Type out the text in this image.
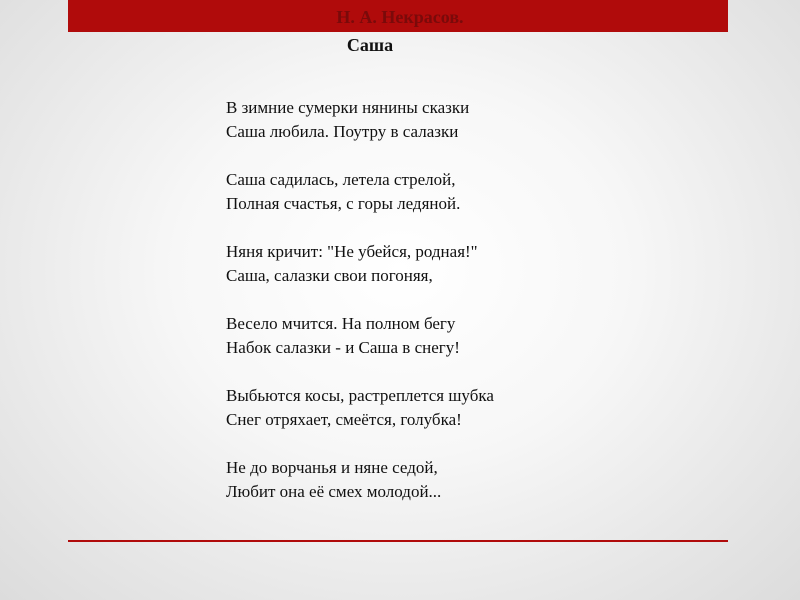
Н. А. Некрасов.
Саша
В зимние сумерки нянины сказки
Саша любила. Поутру в салазки
Саша садилась, летела стрелой,
Полная счастья, с горы ледяной.
Няня кричит: "Не убейся, родная!"
Саша, салазки свои погоняя,
Весело мчится. На полном бегу
Набок салазки - и Саша в снегу!
Выбьются косы, растреплется шубка
Снег отряхает, смеётся, голубка!
Не до ворчанья и няне седой,
Любит она её смех молодой...
